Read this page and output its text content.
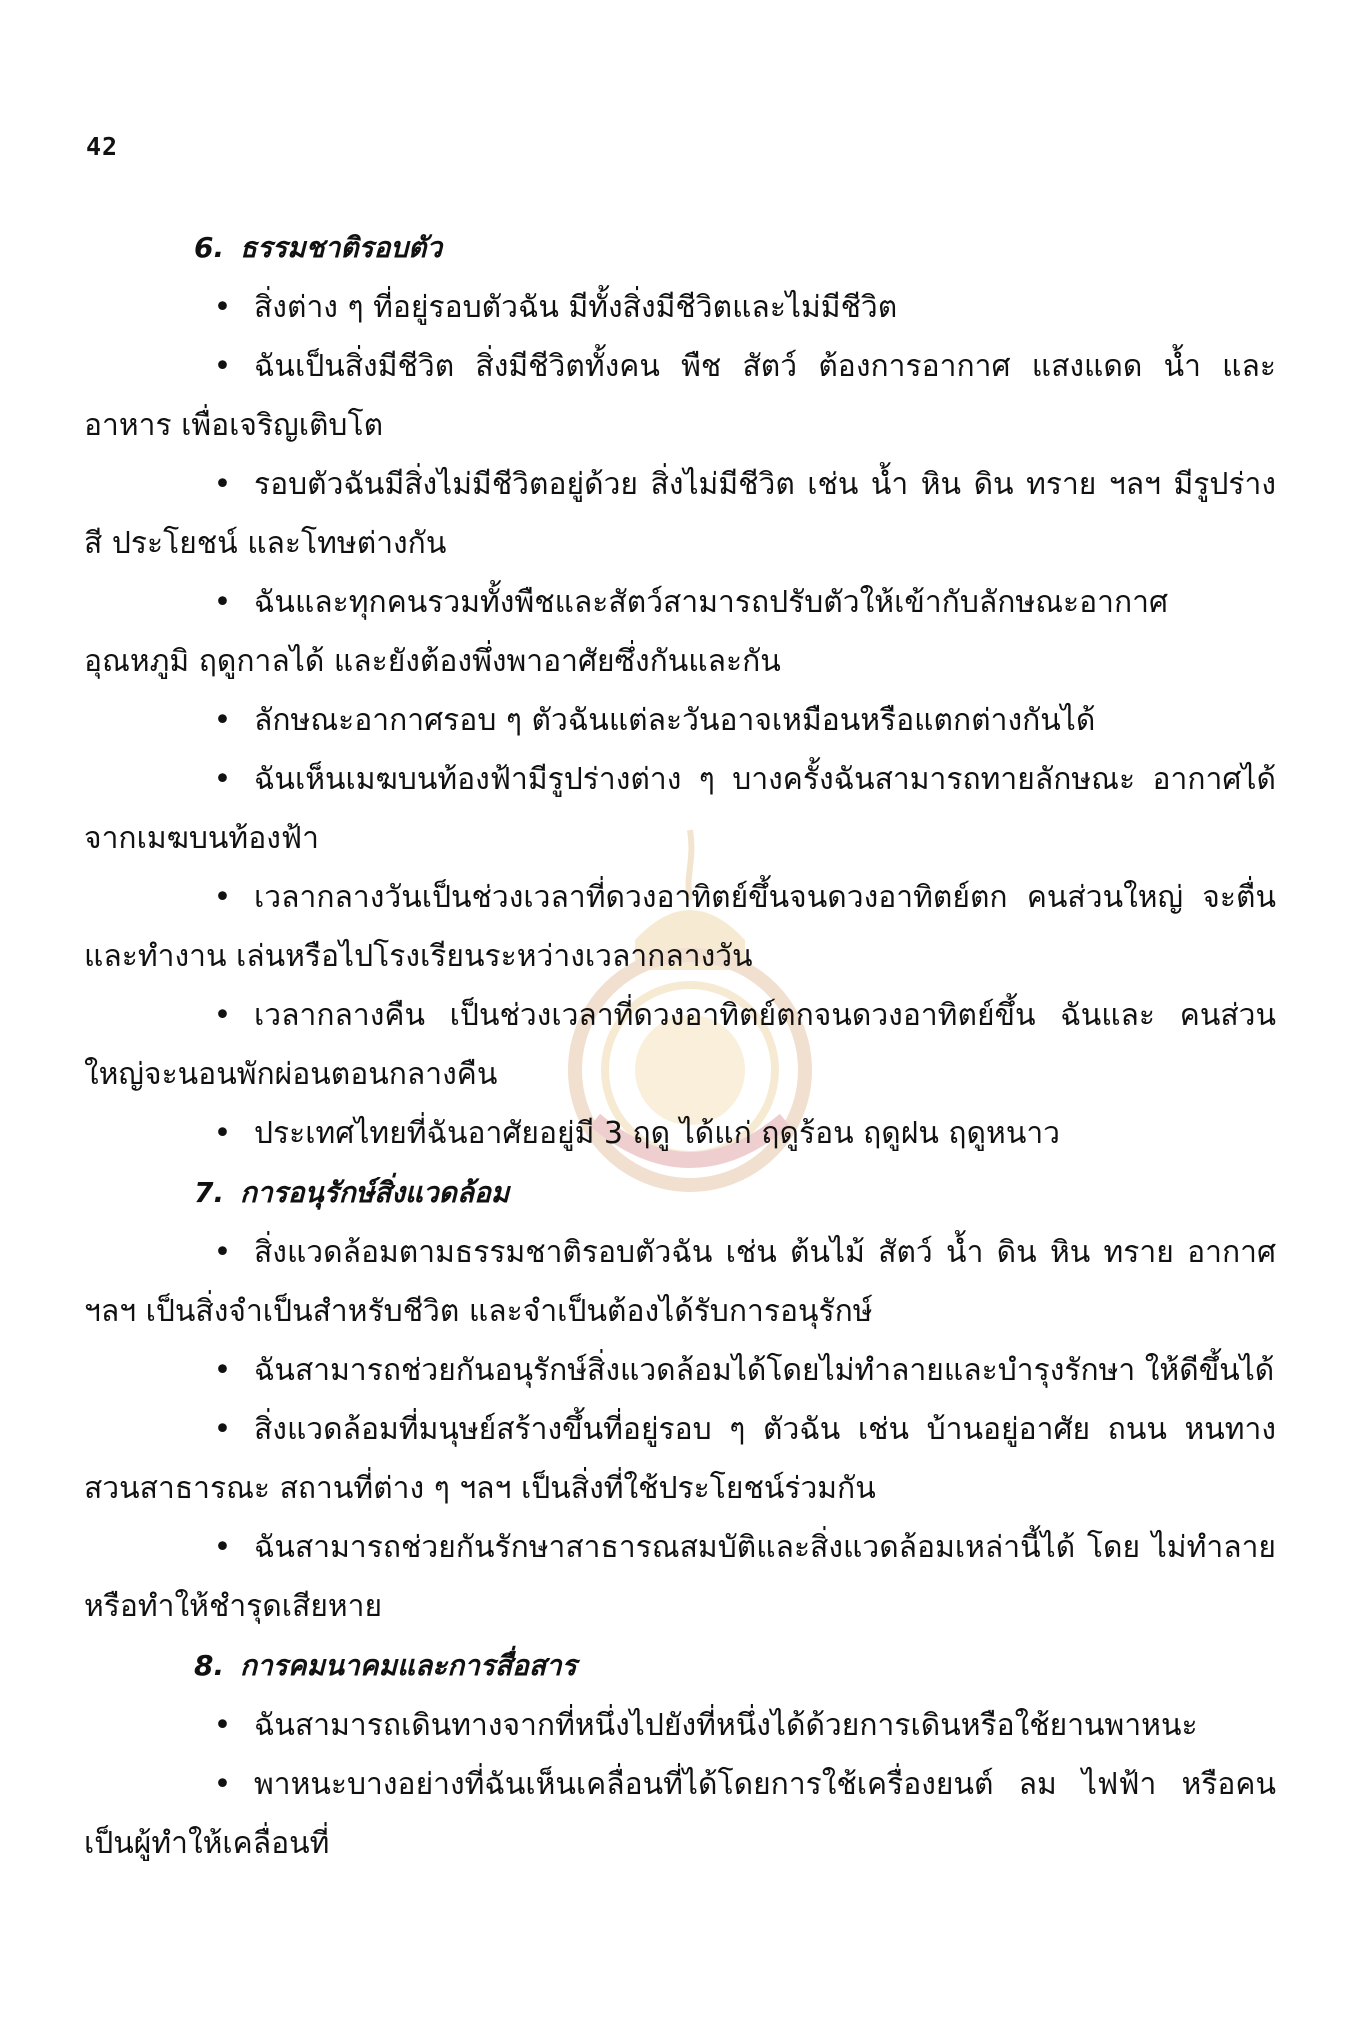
42
6. ธรรมชาติรอบตัว
• สิ่งต่าง ๆ ที่อยู่รอบตัวฉัน มีทั้งสิ่งมีชีวิตและไม่มีชีวิต
• ฉันเป็นสิ่งมีชีวิต สิ่งมีชีวิตทั้งคน พืช สัตว์ ต้องการอากาศ แสงแดด น้ำ และอาหาร เพื่อเจริญเติบโต
• รอบตัวฉันมีสิ่งไม่มีชีวิตอยู่ด้วย สิ่งไม่มีชีวิต เช่น น้ำ หิน ดิน ทราย ฯลฯ มีรูปร่าง สี ประโยชน์ และโทษต่างกัน
• ฉันและทุกคนรวมทั้งพืชและสัตว์สามารถปรับตัวให้เข้ากับลักษณะอากาศ อุณหภูมิ ฤดูกาลได้ และยังต้องพึ่งพาอาศัยซึ่งกันและกัน
• ลักษณะอากาศรอบ ๆ ตัวฉันแต่ละวันอาจเหมือนหรือแตกต่างกันได้
• ฉันเห็นเมฆบนท้องฟ้ามีรูปร่างต่าง ๆ บางครั้งฉันสามารถทายลักษณะ อากาศได้จากเมฆบนท้องฟ้า
• เวลากลางวันเป็นช่วงเวลาที่ดวงอาทิตย์ขึ้นจนดวงอาทิตย์ตก คนส่วนใหญ่ จะตื่นและทำงาน เล่นหรือไปโรงเรียนระหว่างเวลากลางวัน
• เวลากลางคืน เป็นช่วงเวลาที่ดวงอาทิตย์ตกจนดวงอาทิตย์ขึ้น ฉันและ คนส่วนใหญ่จะนอนพักผ่อนตอนกลางคืน
• ประเทศไทยที่ฉันอาศัยอยู่มี 3 ฤดู ได้แก่ ฤดูร้อน ฤดูฝน ฤดูหนาว
7. การอนุรักษ์สิ่งแวดล้อม
• สิ่งแวดล้อมตามธรรมชาติรอบตัวฉัน เช่น ต้นไม้ สัตว์ น้ำ ดิน หิน ทราย อากาศ ฯลฯ เป็นสิ่งจำเป็นสำหรับชีวิต และจำเป็นต้องได้รับการอนุรักษ์
• ฉันสามารถช่วยกันอนุรักษ์สิ่งแวดล้อมได้โดยไม่ทำลายและบำรุงรักษา ให้ดีขึ้นได้
• สิ่งแวดล้อมที่มนุษย์สร้างขึ้นที่อยู่รอบ ๆ ตัวฉัน เช่น บ้านอยู่อาศัย ถนน หนทาง สวนสาธารณะ สถานที่ต่าง ๆ ฯลฯ เป็นสิ่งที่ใช้ประโยชน์ร่วมกัน
• ฉันสามารถช่วยกันรักษาสาธารณสมบัติและสิ่งแวดล้อมเหล่านี้ได้ โดย ไม่ทำลายหรือทำให้ชำรุดเสียหาย
8. การคมนาคมและการสื่อสาร
• ฉันสามารถเดินทางจากที่หนึ่งไปยังที่หนึ่งได้ด้วยการเดินหรือใช้ยานพาหนะ
• พาหนะบางอย่างที่ฉันเห็นเคลื่อนที่ได้โดยการใช้เครื่องยนต์ ลม ไฟฟ้า หรือคน เป็นผู้ทำให้เคลื่อนที่
